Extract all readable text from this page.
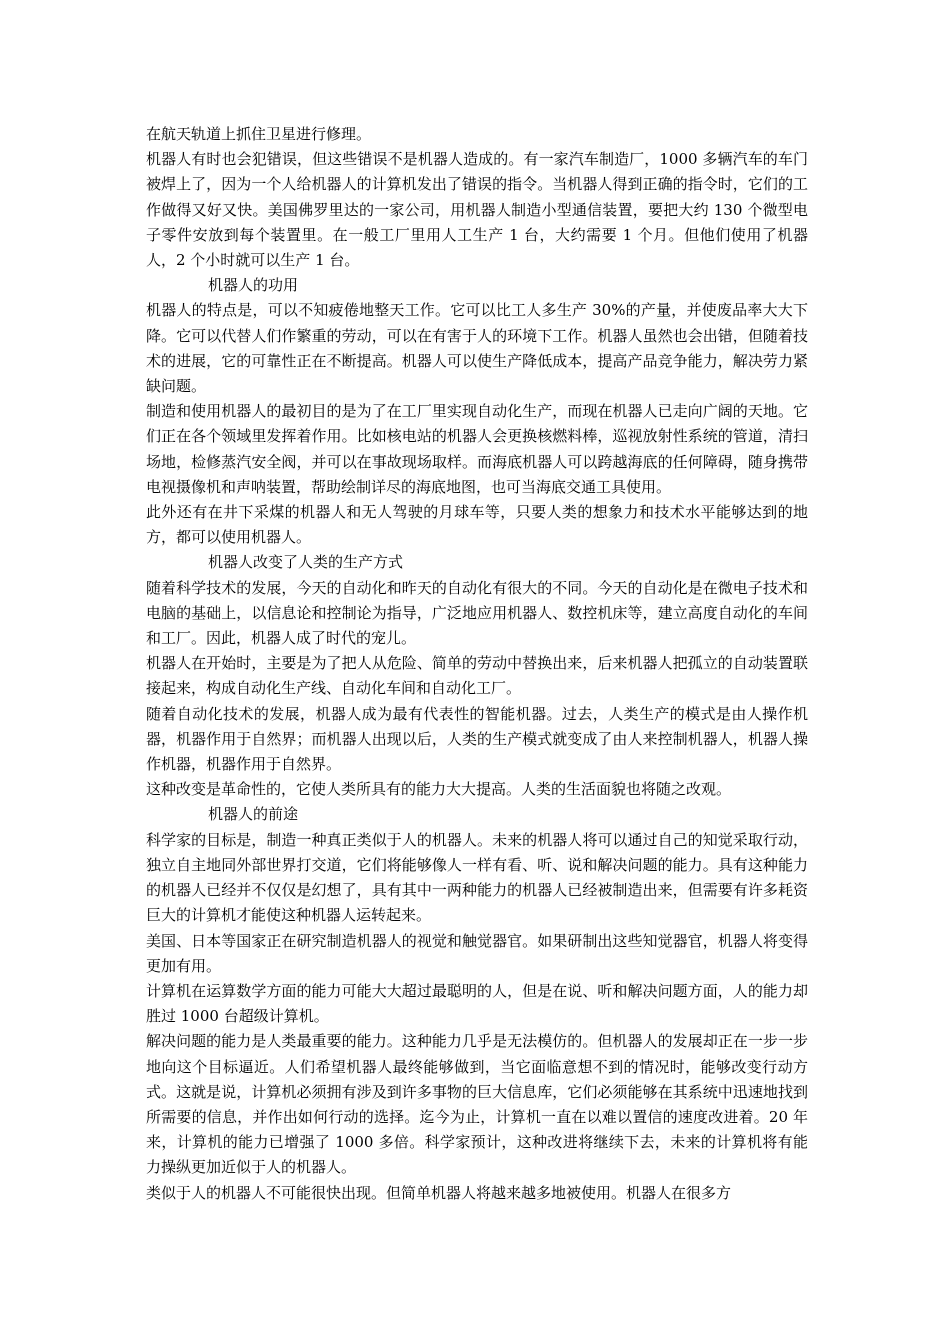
在航天轨道上抓住卫星进行修理。

机器人有时也会犯错误，但这些错误不是机器人造成的。有一家汽车制造厂，1000 多辆汽车的车门被焊上了，因为一个人给机器人的计算机发出了错误的指令。当机器人得到正确的指令时，它们的工作做得又好又快。美国佛罗里达的一家公司，用机器人制造小型通信装置，要把大约 130 个微型电子零件安放到每个装置里。在一般工厂里用人工生产 1 台，大约需要 1 个月。但他们使用了机器人，2 个小时就可以生产 1 台。

机器人的功用

机器人的特点是，可以不知疲倦地整天工作。它可以比工人多生产 30%的产量，并使废品率大大下降。它可以代替人们作繁重的劳动，可以在有害于人的环境下工作。机器人虽然也会出错，但随着技术的进展，它的可靠性正在不断提高。机器人可以使生产降低成本，提高产品竞争能力，解决劳力紧缺问题。

制造和使用机器人的最初目的是为了在工厂里实现自动化生产，而现在机器人已走向广阔的天地。它们正在各个领域里发挥着作用。比如核电站的机器人会更换核燃料棒，巡视放射性系统的管道，清扫场地，检修蒸汽安全阀，并可以在事故现场取样。而海底机器人可以跨越海底的任何障碍，随身携带电视摄像机和声呐装置，帮助绘制详尽的海底地图，也可当海底交通工具使用。

此外还有在井下采煤的机器人和无人驾驶的月球车等，只要人类的想象力和技术水平能够达到的地方，都可以使用机器人。

机器人改变了人类的生产方式

随着科学技术的发展，今天的自动化和昨天的自动化有很大的不同。今天的自动化是在微电子技术和电脑的基础上，以信息论和控制论为指导，广泛地应用机器人、数控机床等，建立高度自动化的车间和工厂。因此，机器人成了时代的宠儿。

机器人在开始时，主要是为了把人从危险、简单的劳动中替换出来，后来机器人把孤立的自动装置联接起来，构成自动化生产线、自动化车间和自动化工厂。

随着自动化技术的发展，机器人成为最有代表性的智能机器。过去，人类生产的模式是由人操作机器，机器作用于自然界；而机器人出现以后，人类的生产模式就变成了由人来控制机器人，机器人操作机器，机器作用于自然界。

这种改变是革命性的，它使人类所具有的能力大大提高。人类的生活面貌也将随之改观。

机器人的前途

科学家的目标是，制造一种真正类似于人的机器人。未来的机器人将可以通过自己的知觉采取行动，独立自主地同外部世界打交道，它们将能够像人一样有看、听、说和解决问题的能力。具有这种能力的机器人已经并不仅仅是幻想了，具有其中一两种能力的机器人已经被制造出来，但需要有许多耗资巨大的计算机才能使这种机器人运转起来。

美国、日本等国家正在研究制造机器人的视觉和触觉器官。如果研制出这些知觉器官，机器人将变得更加有用。

计算机在运算数学方面的能力可能大大超过最聪明的人，但是在说、听和解决问题方面，人的能力却胜过 1000 台超级计算机。

解决问题的能力是人类最重要的能力。这种能力几乎是无法模仿的。但机器人的发展却正在一步一步地向这个目标逼近。人们希望机器人最终能够做到，当它面临意想不到的情况时，能够改变行动方式。这就是说，计算机必须拥有涉及到许多事物的巨大信息库，它们必须能够在其系统中迅速地找到所需要的信息，并作出如何行动的选择。迄今为止，计算机一直在以难以置信的速度改进着。20 年来，计算机的能力已增强了 1000 多倍。科学家预计，这种改进将继续下去，未来的计算机将有能力操纵更加近似于人的机器人。

类似于人的机器人不可能很快出现。但简单机器人将越来越多地被使用。机器人在很多方
